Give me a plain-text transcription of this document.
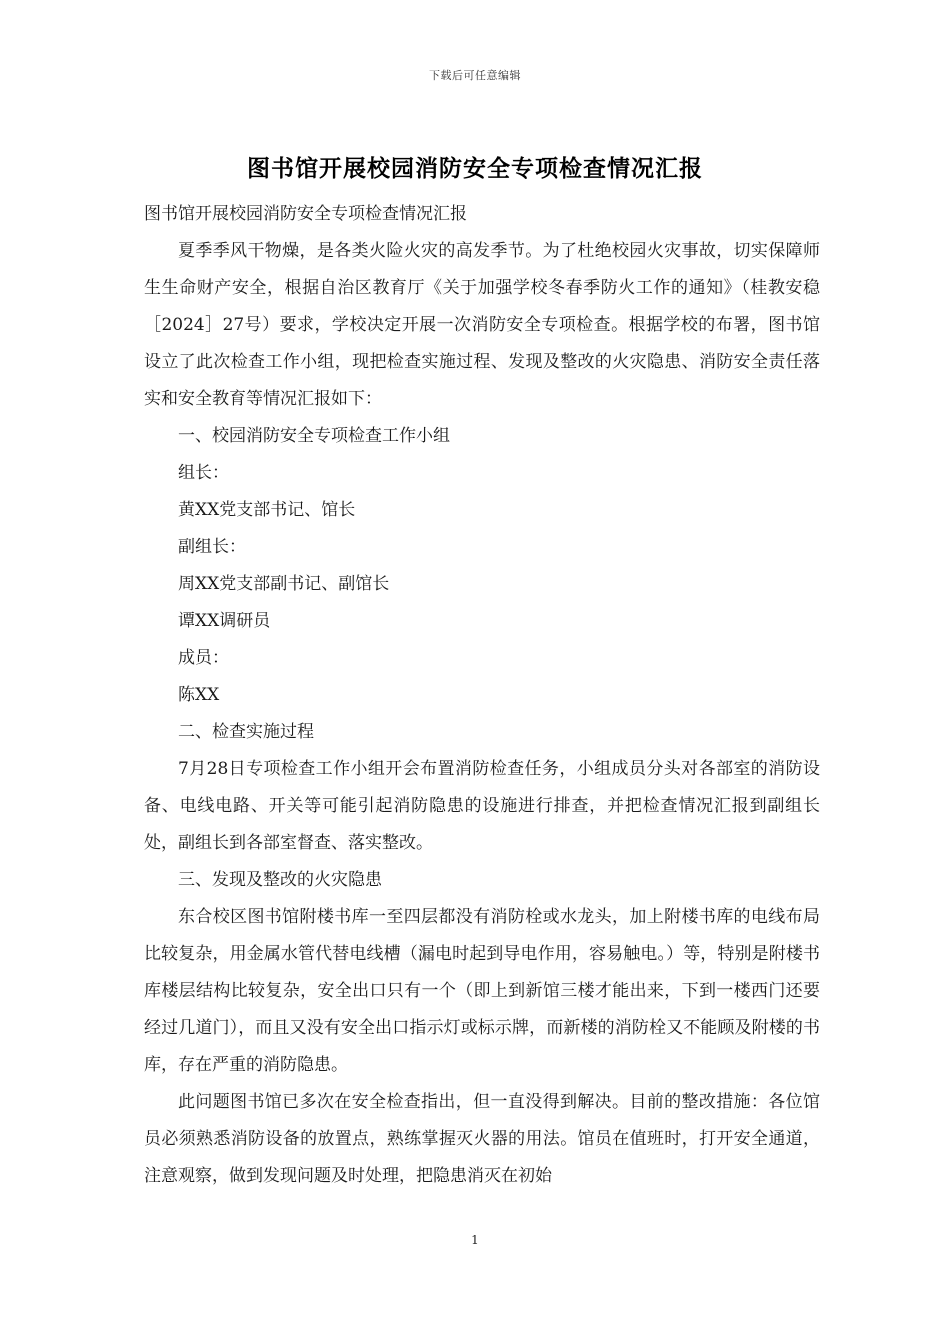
下载后可任意编辑
图书馆开展校园消防安全专项检查情况汇报

图书馆开展校园消防安全专项检查情况汇报

夏季季风干物燥，是各类火险火灾的高发季节。为了杜绝校园火灾事故，切实保障师生生命财产安全，根据自治区教育厅《关于加强学校冬春季防火工作的通知》（桂教安稳［2024］27号）要求，学校决定开展一次消防安全专项检查。根据学校的布署，图书馆设立了此次检查工作小组，现把检查实施过程、发现及整改的火灾隐患、消防安全责任落实和安全教育等情况汇报如下：

一、校园消防安全专项检查工作小组

组长：

黄XX党支部书记、馆长

副组长：

周XX党支部副书记、副馆长

谭XX调研员

成员：

陈XX

二、检查实施过程

7月28日专项检查工作小组开会布置消防检查任务，小组成员分头对各部室的消防设备、电线电路、开关等可能引起消防隐患的设施进行排查，并把检查情况汇报到副组长处，副组长到各部室督查、落实整改。

三、发现及整改的火灾隐患

东合校区图书馆附楼书库一至四层都没有消防栓或水龙头，加上附楼书库的电线布局比较复杂，用金属水管代替电线槽（漏电时起到导电作用，容易触电。）等，特别是附楼书库楼层结构比较复杂，安全出口只有一个（即上到新馆三楼才能出来，下到一楼西门还要经过几道门），而且又没有安全出口指示灯或标示牌，而新楼的消防栓又不能顾及附楼的书库，存在严重的消防隐患。

此问题图书馆已多次在安全检查指出，但一直没得到解决。目前的整改措施：各位馆员必须熟悉消防设备的放置点，熟练掌握灭火器的用法。馆员在值班时，打开安全通道，注意观察，做到发现问题及时处理，把隐患消灭在初始

1
